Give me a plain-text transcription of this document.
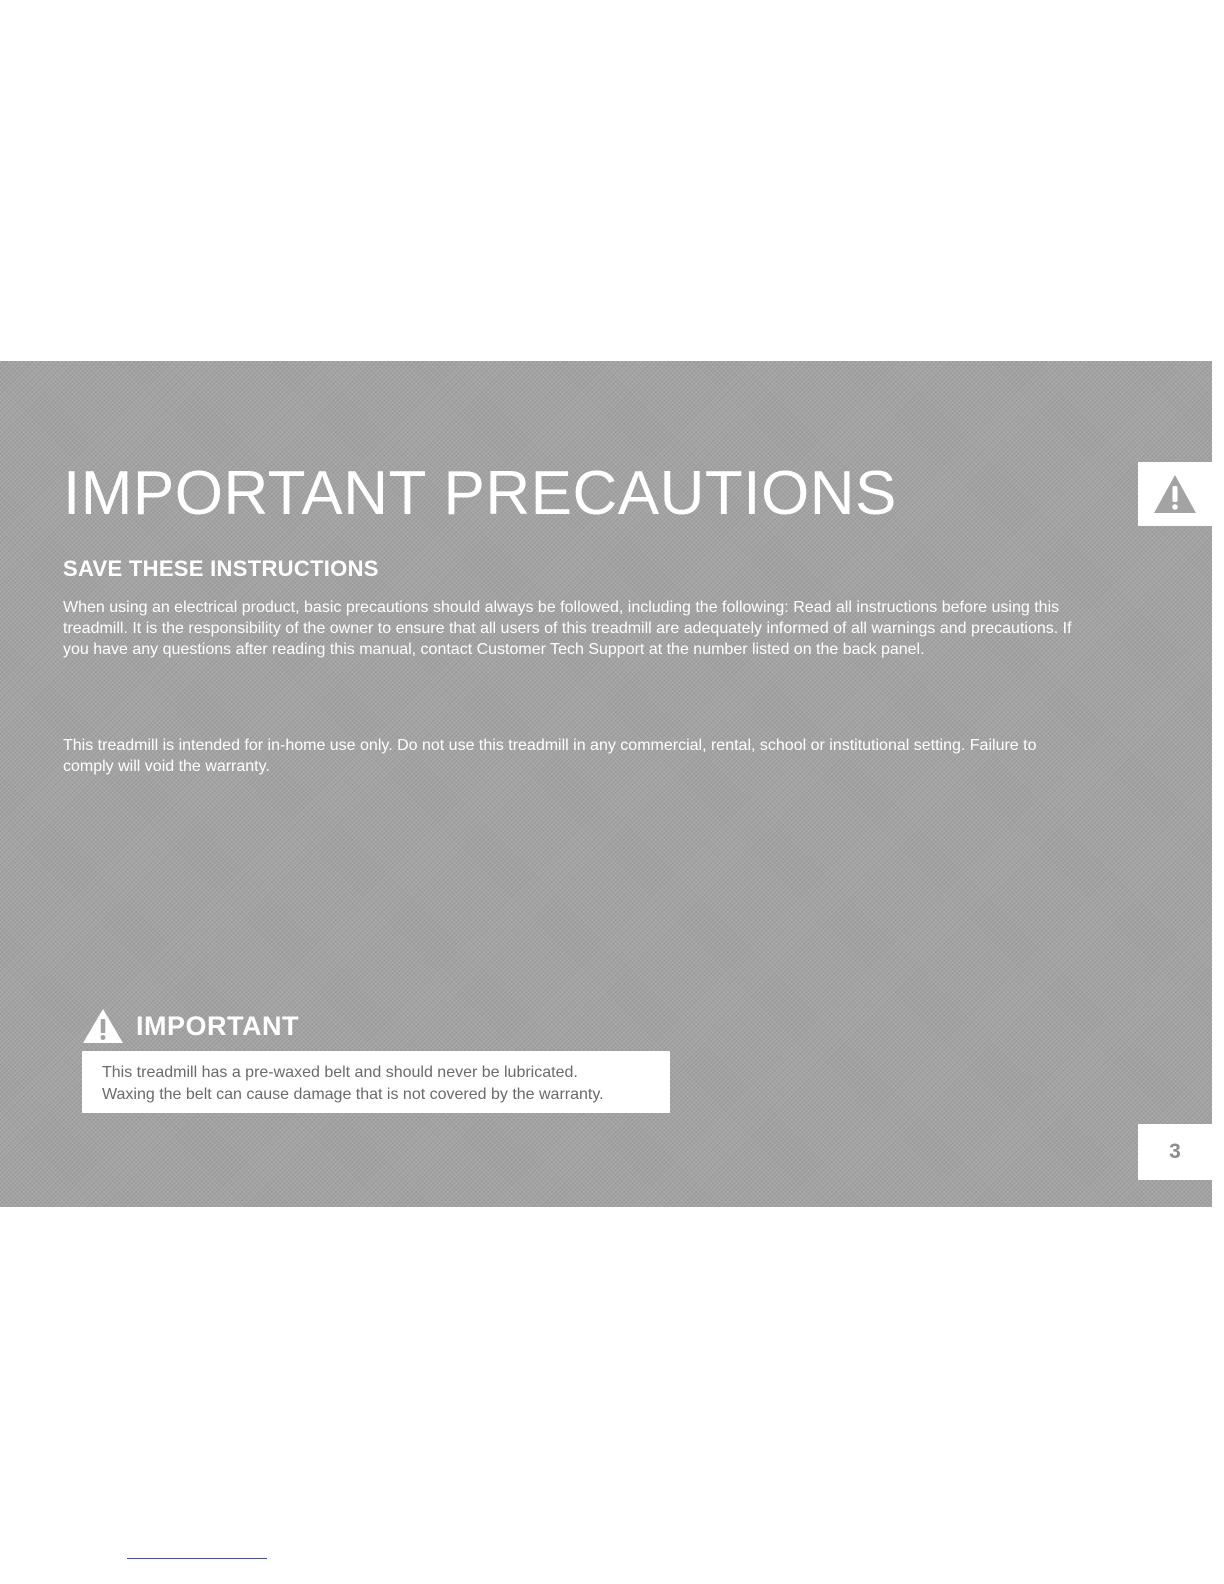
IMPORTANT PRECAUTIONS
SAVE THESE INSTRUCTIONS

When using an electrical product, basic precautions should always be followed, including the following: Read all instructions before using this treadmill. It is the responsibility of the owner to ensure that all users of this treadmill are adequately informed of all warnings and precautions. If you have any questions after reading this manual, contact Customer Tech Support at the number listed on the back panel.

This treadmill is intended for in-home use only. Do not use this treadmill in any commercial, rental, school or institutional setting. Failure to comply will void the warranty.

3
IMPORTANT

This treadmill has a pre-waxed belt and should never be lubricated.

Waxing the belt can cause damage that is not covered by the warranty.
